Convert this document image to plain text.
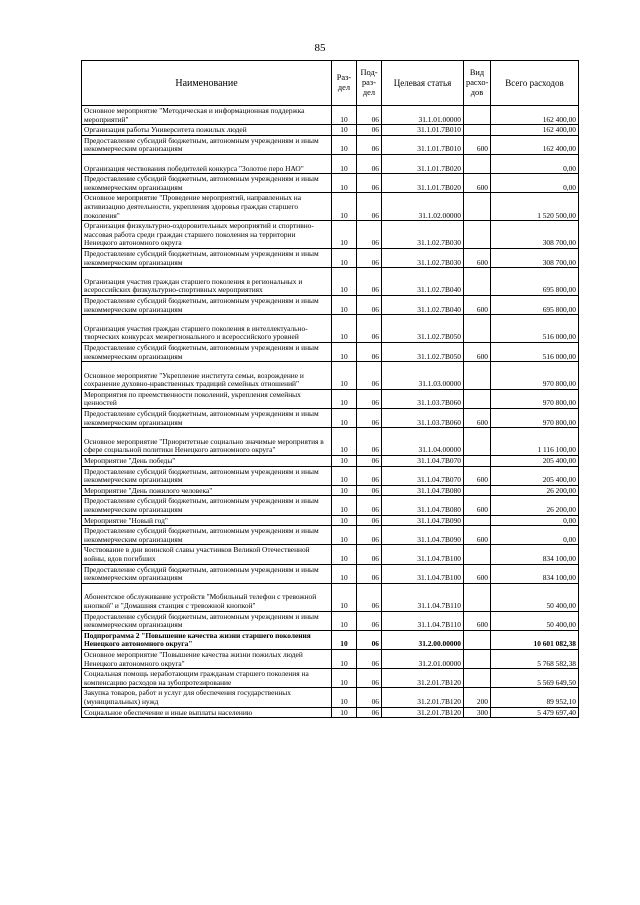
85
Наименование	Раз-дел	Под-раз-дел	Целевая статья	Вид расхо-дов	Всего расходов
Основное мероприятие "Методическая и информационная поддержка мероприятий"	10	06	31.1.01.00000		162 400,00
Организация работы Университета пожилых людей	10	06	31.1.01.7В010		162 400,00
Предоставление субсидий бюджетным, автономным учреждениям и иным некоммерческим организациям	10	06	31.1.01.7В010	600	162 400,00
Организация чествования победителей конкурса "Золотое перо НАО"	10	06	31.1.01.7В020		0,00
Предоставление субсидий бюджетным, автономным учреждениям и иным некоммерческим организациям	10	06	31.1.01.7В020	600	0,00
Основное мероприятие "Проведение мероприятий, направленных на активизацию деятельности, укрепления здоровья граждан старшего поколения"	10	06	31.1.02.00000		1 520 500,00
Организация физкультурно-оздоровительных мероприятий и спортивно-массовая работа среди граждан старшего поколения на территории Ненецкого автономного округа	10	06	31.1.02.7В030		308 700,00
Предоставление субсидий бюджетным, автономным учреждениям и иным некоммерческим организациям	10	06	31.1.02.7В030	600	308 700,00
Организация участия граждан старшего поколения в региональных и всероссийских физкультурно-спортивных мероприятиях	10	06	31.1.02.7В040		695 800,00
Предоставление субсидий бюджетным, автономным учреждениям и иным некоммерческим организациям	10	06	31.1.02.7В040	600	695 800,00
Организация участия граждан старшего поколения в интеллектуально-творческих конкурсах межрегионального и всероссийского уровней	10	06	31.1.02.7В050		516 000,00
Предоставление субсидий бюджетным, автономным учреждениям и иным некоммерческим организациям	10	06	31.1.02.7В050	600	516 000,00
Основное мероприятие "Укрепление института семьи, возрождение и сохранение духовно-нравственных традиций семейных отношений"	10	06	31.1.03.00000		970 800,00
Мероприятия по преемственности поколений, укрепления семейных ценностей	10	06	31.1.03.7В060		970 800,00
Предоставление субсидий бюджетным, автономным учреждениям и иным некоммерческим организациям	10	06	31.1.03.7В060	600	970 800,00
Основное мероприятие "Приоритетные социально значимые мероприятия в сфере социальной политики Ненецкого автономного округа"	10	06	31.1.04.00000		1 116 100,00
Мероприятие "День победы"	10	06	31.1.04.7В070		205 400,00
Предоставление субсидий бюджетным, автономным учреждениям и иным некоммерческим организациям	10	06	31.1.04.7В070	600	205 400,00
Мероприятие "День пожилого человека"	10	06	31.1.04.7В080		26 200,00
Предоставление субсидий бюджетным, автономным учреждениям и иным некоммерческим организациям	10	06	31.1.04.7В080	600	26 200,00
Мероприятие "Новый год"	10	06	31.1.04.7В090		0,00
Предоставление субсидий бюджетным, автономным учреждениям и иным некоммерческим организациям	10	06	31.1.04.7В090	600	0,00
Чествование в дни воинской славы участников Великой Отечественной войны, вдов погибших	10	06	31.1.04.7В100		834 100,00
Предоставление субсидий бюджетным, автономным учреждениям и иным некоммерческим организациям	10	06	31.1.04.7В100	600	834 100,00
Абонентское обслуживание устройств "Мобильный телефон с тревожной кнопкой" и "Домашняя станция с тревожной кнопкой"	10	06	31.1.04.7В110		50 400,00
Предоставление субсидий бюджетным, автономным учреждениям и иным некоммерческим организациям	10	06	31.1.04.7В110	600	50 400,00
Подпрограмма 2 "Повышение качества жизни старшего поколения Ненецкого автономного округа"	10	06	31.2.00.00000		10 601 082,38
Основное мероприятие "Повышение качества жизни пожилых людей Ненецкого автономного округа"	10	06	31.2.01.00000		5 768 582,38
Социальная помощь неработающим гражданам старшего поколения на компенсацию расходов на зубопротезирование	10	06	31.2.01.7В120		5 569 649,50
Закупка товаров, работ и услуг для обеспечения государственных (муниципальных) нужд	10	06	31.2.01.7В120	200	89 952,10
Социальное обеспечение и иные выплаты населению	10	06	31.2.01.7В120	300	5 479 697,40
